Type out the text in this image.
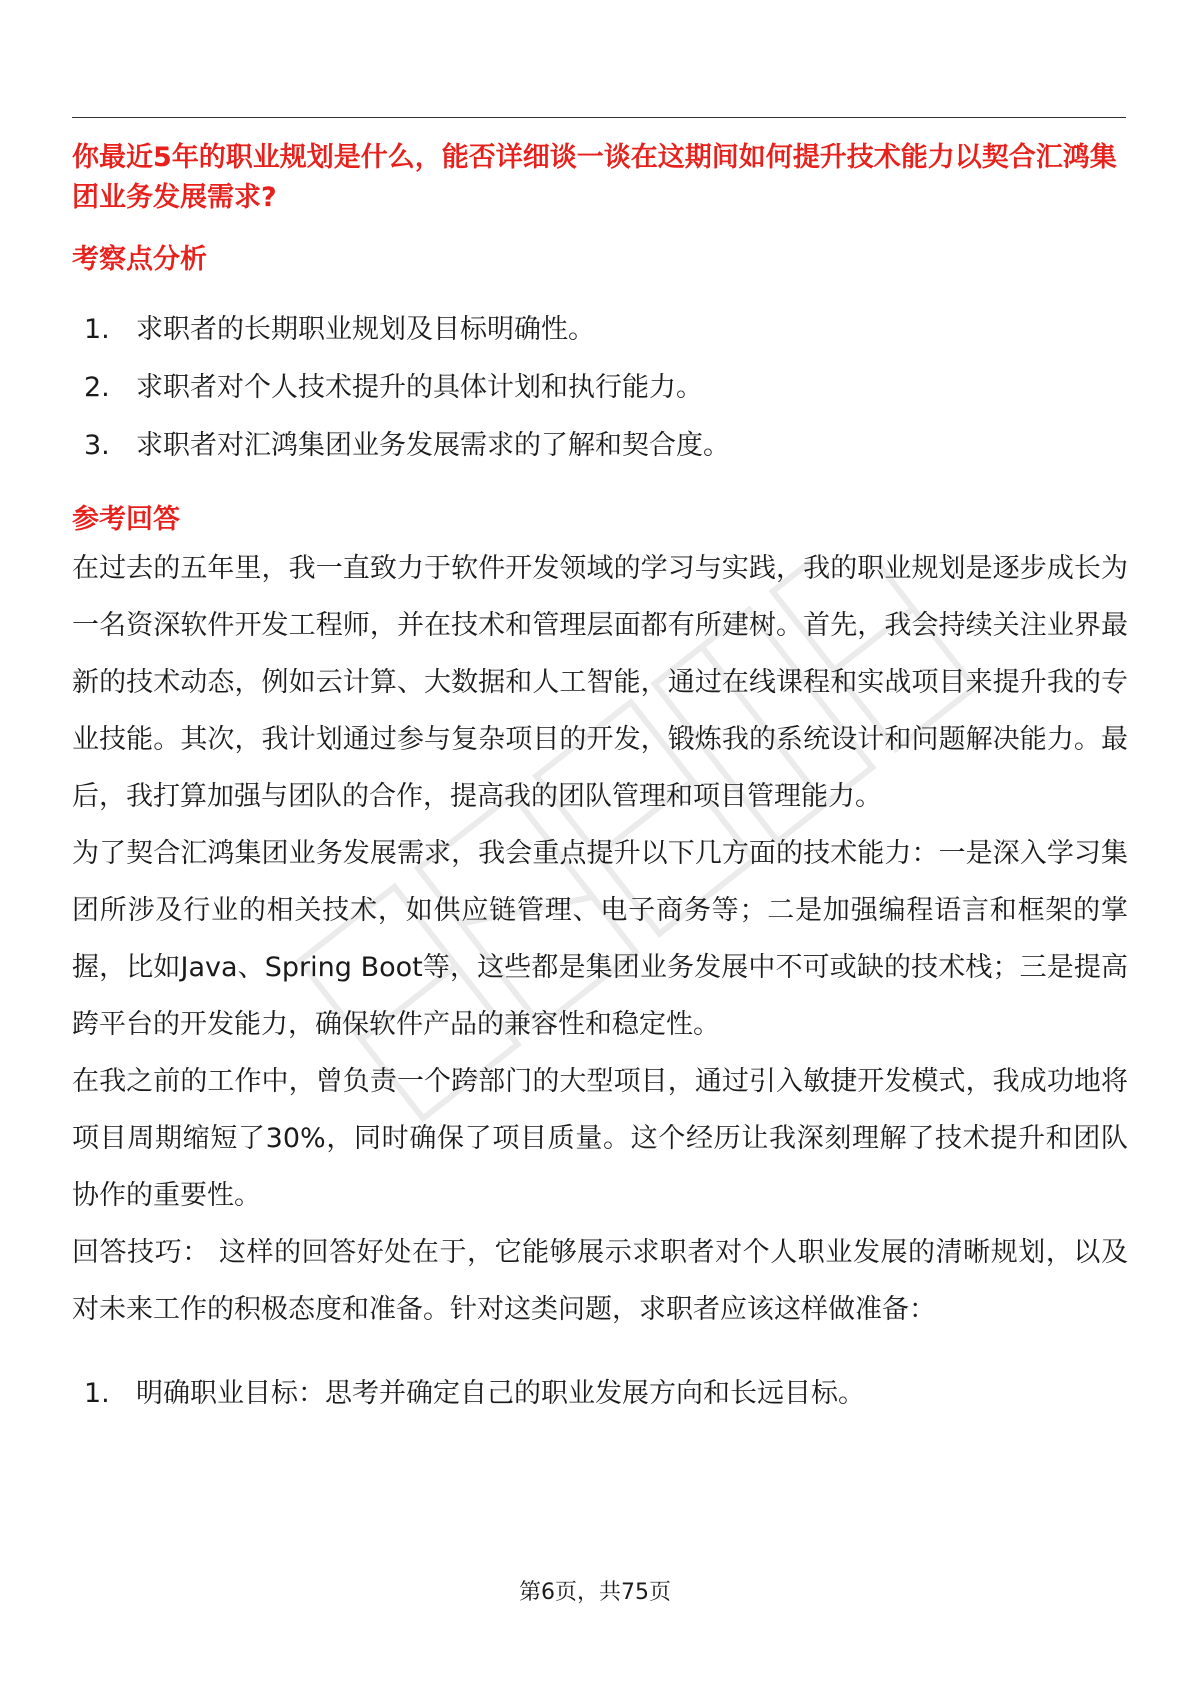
你最近5年的职业规划是什么，能否详细谈一谈在这期间如何提升技术能力以契合汇鸿集团业务发展需求?
考察点分析
1. 求职者的长期职业规划及目标明确性。
2. 求职者对个人技术提升的具体计划和执行能力。
3. 求职者对汇鸿集团业务发展需求的了解和契合度。
参考回答

在过去的五年里，我一直致力于软件开发领域的学习与实践，我的职业规划是逐步成长为一名资深软件开发工程师，并在技术和管理层面都有所建树。首先，我会持续关注业界最新的技术动态，例如云计算、大数据和人工智能，通过在线课程和实战项目来提升我的专业技能。其次，我计划通过参与复杂项目的开发，锻炼我的系统设计和问题解决能力。最后，我打算加强与团队的合作，提高我的团队管理和项目管理能力。

为了契合汇鸿集团业务发展需求，我会重点提升以下几方面的技术能力：一是深入学习集团所涉及行业的相关技术，如供应链管理、电子商务等；二是加强编程语言和框架的掌握，比如Java、Spring Boot等，这些都是集团业务发展中不可或缺的技术栈；三是提高跨平台的开发能力，确保软件产品的兼容性和稳定性。

在我之前的工作中，曾负责一个跨部门的大型项目，通过引入敏捷开发模式，我成功地将项目周期缩短了30%，同时确保了项目质量。这个经历让我深刻理解了技术提升和团队协作的重要性。

回答技巧： 这样的回答好处在于，它能够展示求职者对个人职业发展的清晰规划，以及对未来工作的积极态度和准备。针对这类问题，求职者应该这样做准备：

1. 明确职业目标：思考并确定自己的职业发展方向和长远目标。
第6页，共75页
